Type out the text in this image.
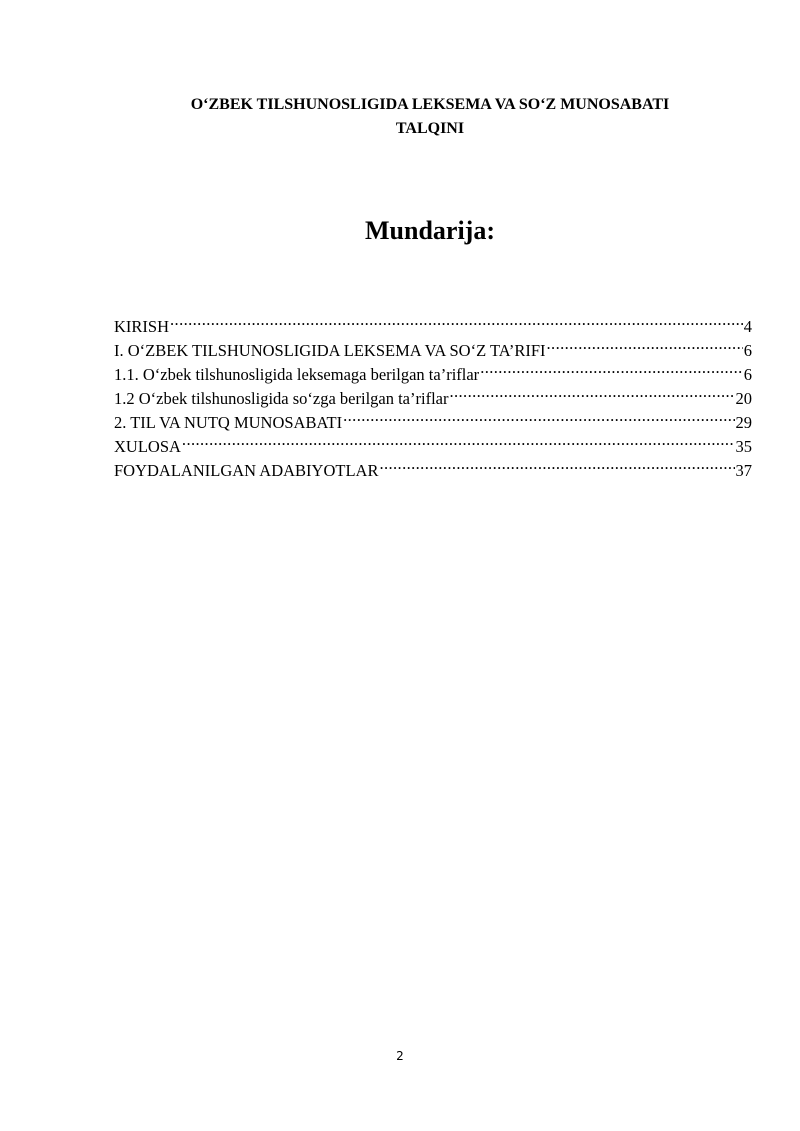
O‘ZBEK TILSHUNOSLIGIDA LEKSEMA VA SO‘Z MUNOSABATI
TALQINI
Mundarija:
KIRISH .....	4
I. O‘ZBEK TILSHUNOSLIGIDA LEKSEMA VA SO‘Z TA’RIFI .....	6
1.1. O‘zbek tilshunosligida leksemaga berilgan ta’riflar .....	6
1.2 O‘zbek tilshunosligida so‘zga berilgan ta’riflar .....	20
2. TIL VA NUTQ MUNOSABATI .....	29
XULOSA .....	35
FOYDALANILGAN ADABIYOTLAR .....	37
2
